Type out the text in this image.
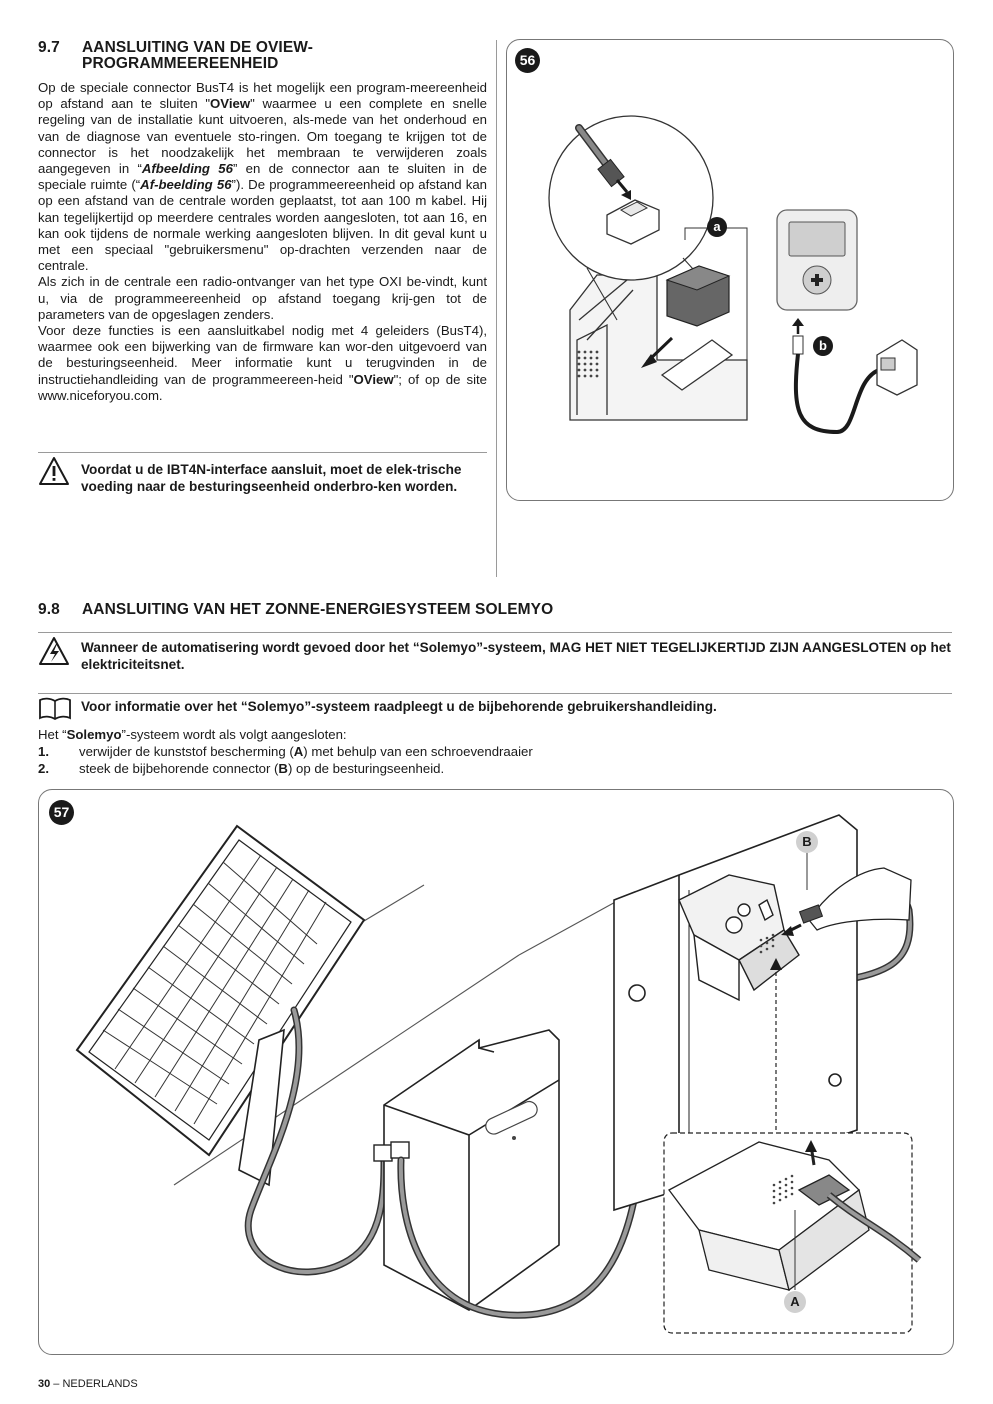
9.7 AANSLUITING VAN DE OVIEW-
PROGRAMMEEREENHEID

Op de speciale connector BusT4 is het mogelijk een program-meereenheid op afstand aan te sluiten "OView" waarmee u een complete en snelle regeling van de installatie kunt uitvoeren, als-mede van het onderhoud en van de diagnose van eventuele sto-ringen. Om toegang te krijgen tot de connector is het noodzakelijk het membraan te verwijderen zoals aangegeven in “Afbeelding 56” en de connector aan te sluiten in de speciale ruimte (“Af-beelding 56”). De programmeereenheid op afstand kan op een afstand van de centrale worden geplaatst, tot aan 100 m kabel. Hij kan tegelijkertijd op meerdere centrales worden aangesloten, tot aan 16, en kan ook tijdens de normale werking aangesloten blijven. In dit geval kunt u met een speciaal "gebruikersmenu" op-drachten verzenden naar de centrale.

Als zich in de centrale een radio-ontvanger van het type OXI be-vindt, kunt u, via de programmeereenheid op afstand toegang krij-gen tot de parameters van de opgeslagen zenders.

Voor deze functies is een aansluitkabel nodig met 4 geleiders (BusT4), waarmee ook een bijwerking van de firmware kan wor-den uitgevoerd van de besturingseenheid. Meer informatie kunt u terugvinden in de instructiehandleiding van de programmeereen-heid "OView"; of op de site www.niceforyou.com.

Voordat u de IBT4N-interface aansluit, moet de elek-trische voeding naar de besturingseenheid onderbro-ken worden.
56
a
b
9.8 AANSLUITING VAN HET ZONNE-ENERGIESYSTEEM SOLEMYO
Wanneer de automatisering wordt gevoed door het “Solemyo”-systeem, MAG HET NIET TEGELIJKERTIJD ZIJN AANGESLOTEN op het elektriciteitsnet.
Voor informatie over het “Solemyo”-systeem raadpleegt u de bijbehorende gebruikershandleiding.
Het “Solemyo”-systeem wordt als volgt aangesloten:
1. verwijder de kunststof bescherming (A) met behulp van een schroevendraaier
2. steek de bijbehorende connector (B) op de besturingseenheid.
57
B
A
30 – NEDERLANDS
